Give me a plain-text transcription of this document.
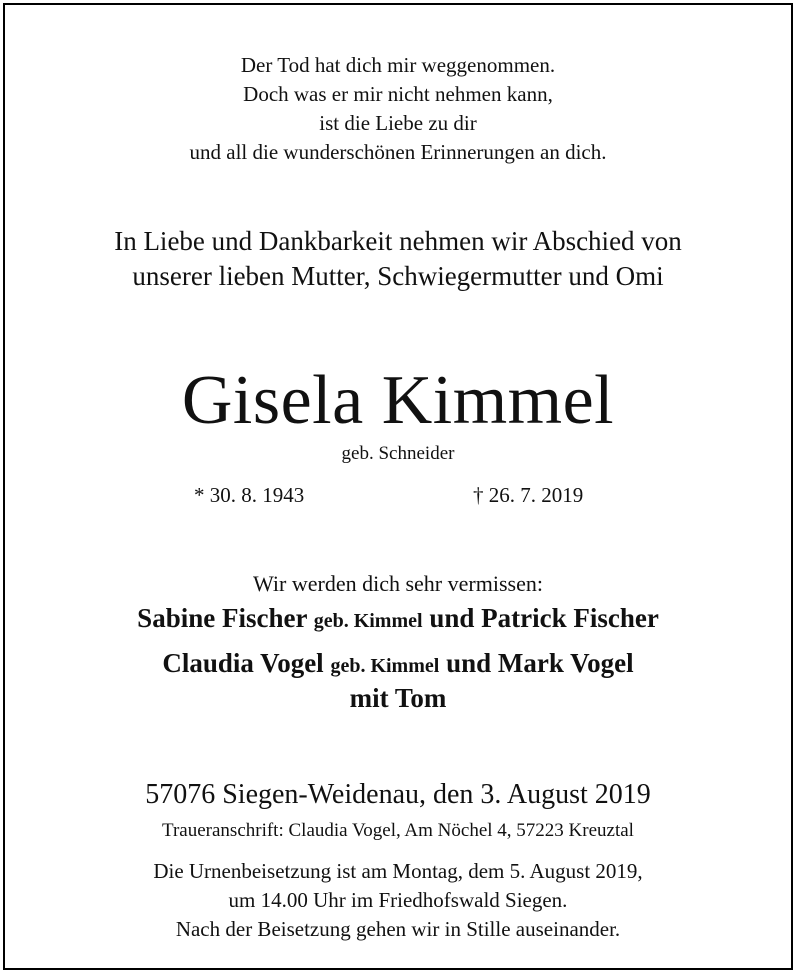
Der Tod hat dich mir weggenommen.
Doch was er mir nicht nehmen kann,
ist die Liebe zu dir
und all die wunderschönen Erinnerungen an dich.
In Liebe und Dankbarkeit nehmen wir Abschied von
unserer lieben Mutter, Schwiegermutter und Omi
Gisela Kimmel
geb. Schneider
* 30. 8. 1943	† 26. 7. 2019
Wir werden dich sehr vermissen:
Sabine Fischer geb. Kimmel und Patrick Fischer
Claudia Vogel geb. Kimmel und Mark Vogel
mit Tom
57076 Siegen-Weidenau, den 3. August 2019
Traueranschrift: Claudia Vogel, Am Nöchel 4, 57223 Kreuztal
Die Urnenbeisetzung ist am Montag, dem 5. August 2019,
um 14.00 Uhr im Friedhofswald Siegen.
Nach der Beisetzung gehen wir in Stille auseinander.
